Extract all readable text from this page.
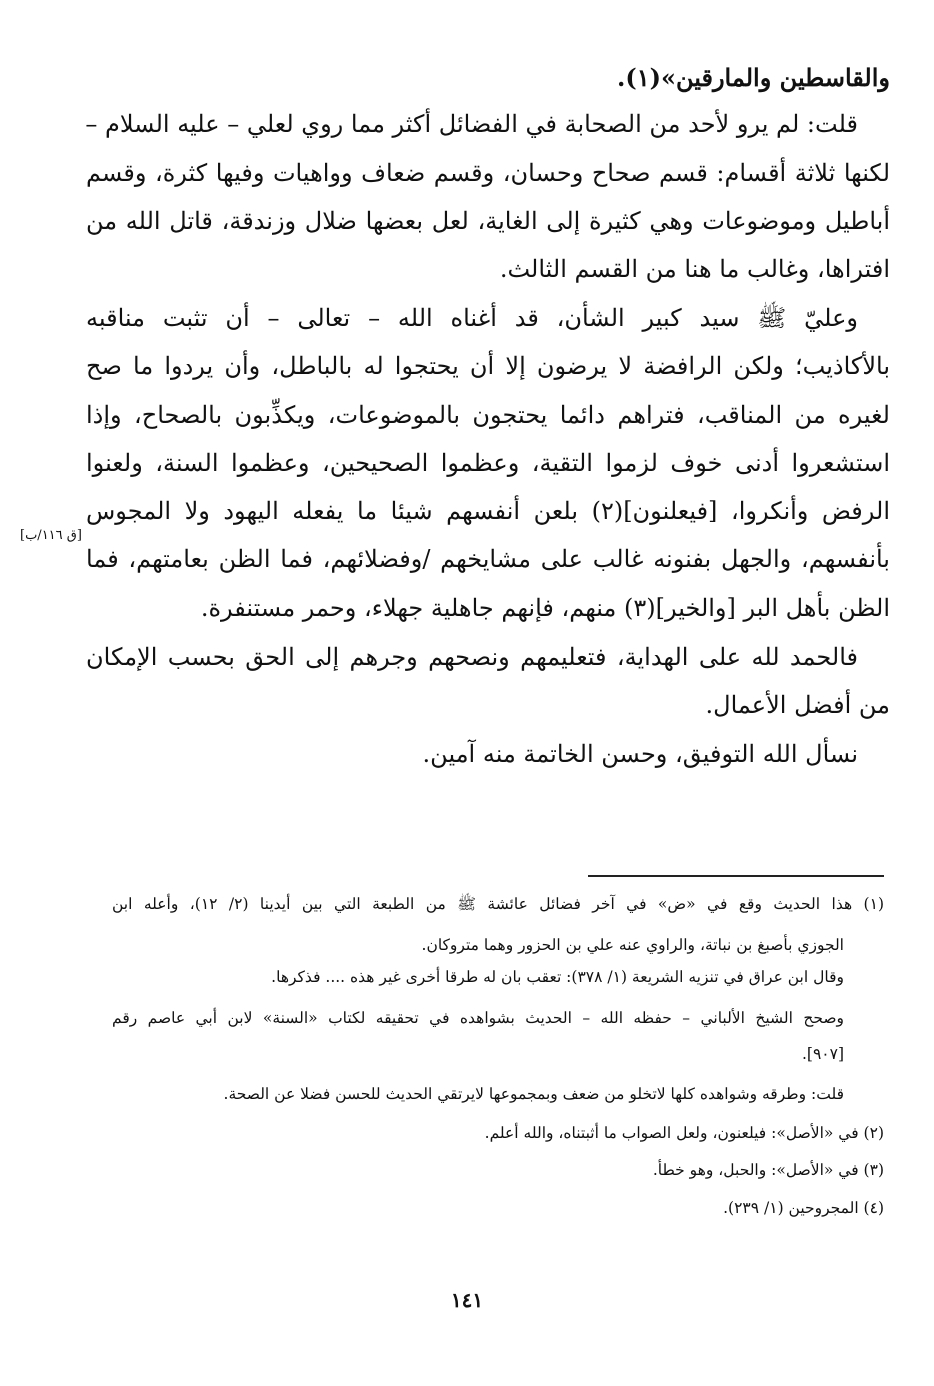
والقاسطين والمارقين»(١).
قلت: لم يرو لأحد من الصحابة في الفضائل أكثر مما روي لعلي – عليه السلام –
لكنها ثلاثة أقسام: قسم صحاح وحسان، وقسم ضعاف وواهيات وفيها كثرة، وقسم
أباطيل وموضوعات وهي كثيرة إلى الغاية، لعل بعضها ضلال وزندقة، قاتل الله من
افتراها، وغالب ما هنا من القسم الثالث.
وعليّ ﷺ سيد كبير الشأن، قد أغناه الله – تعالى – أن تثبت مناقبه
بالأكاذيب؛ ولكن الرافضة لا يرضون إلا أن يحتجوا له بالباطل، وأن يردوا ما صح
لغيره من المناقب، فتراهم دائما يحتجون بالموضوعات، ويكذِّبون بالصحاح، وإذا
استشعروا أدنى خوف لزموا التقية، وعظموا الصحيحين، وعظموا السنة، ولعنوا
الرفض وأنكروا، [فيعلنون](٢) بلعن أنفسهم شيئا ما يفعله اليهود ولا المجوس
بأنفسهم، والجهل بفنونه غالب على مشايخهم /وفضلائهم، فما الظن بعامتهم، فما
الظن بأهل البر [والخير](٣) منهم، فإنهم جاهلية جهلاء، وحمر مستنفرة.
فالحمد لله على الهداية، فتعليمهم ونصحهم وجرهم إلى الحق بحسب الإمكان
من أفضل الأعمال.
نسأل الله التوفيق، وحسن الخاتمة منه آمين.
[ق ١١٦/ب]
(١) هذا الحديث وقع في «ض» في آخر فضائل عائشة ﷺ من الطبعة التي بين أيدينا (٢/ ١٢)، وأعله ابن
الجوزي بأصبغ بن نباتة، والراوي عنه علي بن الحزور وهما متروكان.
وقال ابن عراق في تنزيه الشريعة (١/ ٣٧٨): تعقب بان له طرقا أخرى غير هذه .... فذكرها.
وصحح الشيخ الألباني – حفظه الله – الحديث بشواهده في تحقيقه لكتاب «السنة» لابن أبي عاصم رقم
[٩٠٧].
قلت: وطرقه وشواهده كلها لاتخلو من ضعف وبمجموعها لايرتقي الحديث للحسن فضلا عن الصحة.
(٢) في «الأصل»: فيلعنون، ولعل الصواب ما أثبتناه، والله أعلم.
(٣) في «الأصل»: والحبل، وهو خطأ.
(٤) المجروحين (١/ ٢٣٩).
١٤١
